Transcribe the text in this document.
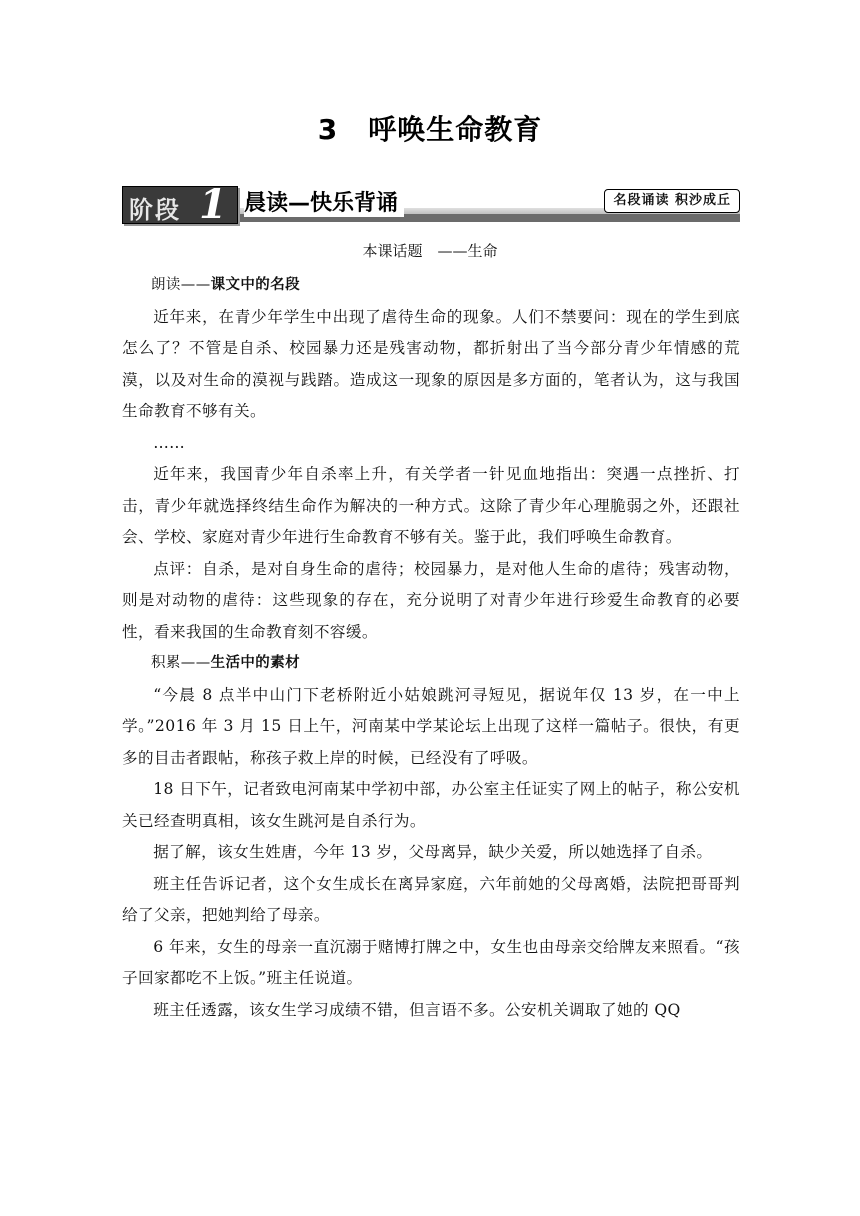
3 呼唤生命教育
阶段 1 晨读—快乐背诵	名段诵读 积沙成丘
本课话题　——生命

朗读——课文中的名段

近年来，在青少年学生中出现了虐待生命的现象。人们不禁要问：现在的学生到底怎么了？不管是自杀、校园暴力还是残害动物，都折射出了当今部分青少年情感的荒漠，以及对生命的漠视与践踏。造成这一现象的原因是多方面的，笔者认为，这与我国生命教育不够有关。

……

近年来，我国青少年自杀率上升，有关学者一针见血地指出：突遇一点挫折、打击，青少年就选择终结生命作为解决的一种方式。这除了青少年心理脆弱之外，还跟社会、学校、家庭对青少年进行生命教育不够有关。鉴于此，我们呼唤生命教育。

点评：自杀，是对自身生命的虐待；校园暴力，是对他人生命的虐待；残害动物，则是对动物的虐待：这些现象的存在，充分说明了对青少年进行珍爱生命教育的必要性，看来我国的生命教育刻不容缓。

积累——生活中的素材

“今晨 8 点半中山门下老桥附近小姑娘跳河寻短见，据说年仅 13 岁，在一中上学。”2016 年 3 月 15 日上午，河南某中学某论坛上出现了这样一篇帖子。很快，有更多的目击者跟帖，称孩子救上岸的时候，已经没有了呼吸。

18 日下午，记者致电河南某中学初中部，办公室主任证实了网上的帖子，称公安机关已经查明真相，该女生跳河是自杀行为。

据了解，该女生姓唐，今年 13 岁，父母离异，缺少关爱，所以她选择了自杀。

班主任告诉记者，这个女生成长在离异家庭，六年前她的父母离婚，法院把哥哥判给了父亲，把她判给了母亲。

6 年来，女生的母亲一直沉溺于赌博打牌之中，女生也由母亲交给牌友来照看。“孩子回家都吃不上饭。”班主任说道。

班主任透露，该女生学习成绩不错，但言语不多。公安机关调取了她的 QQ
